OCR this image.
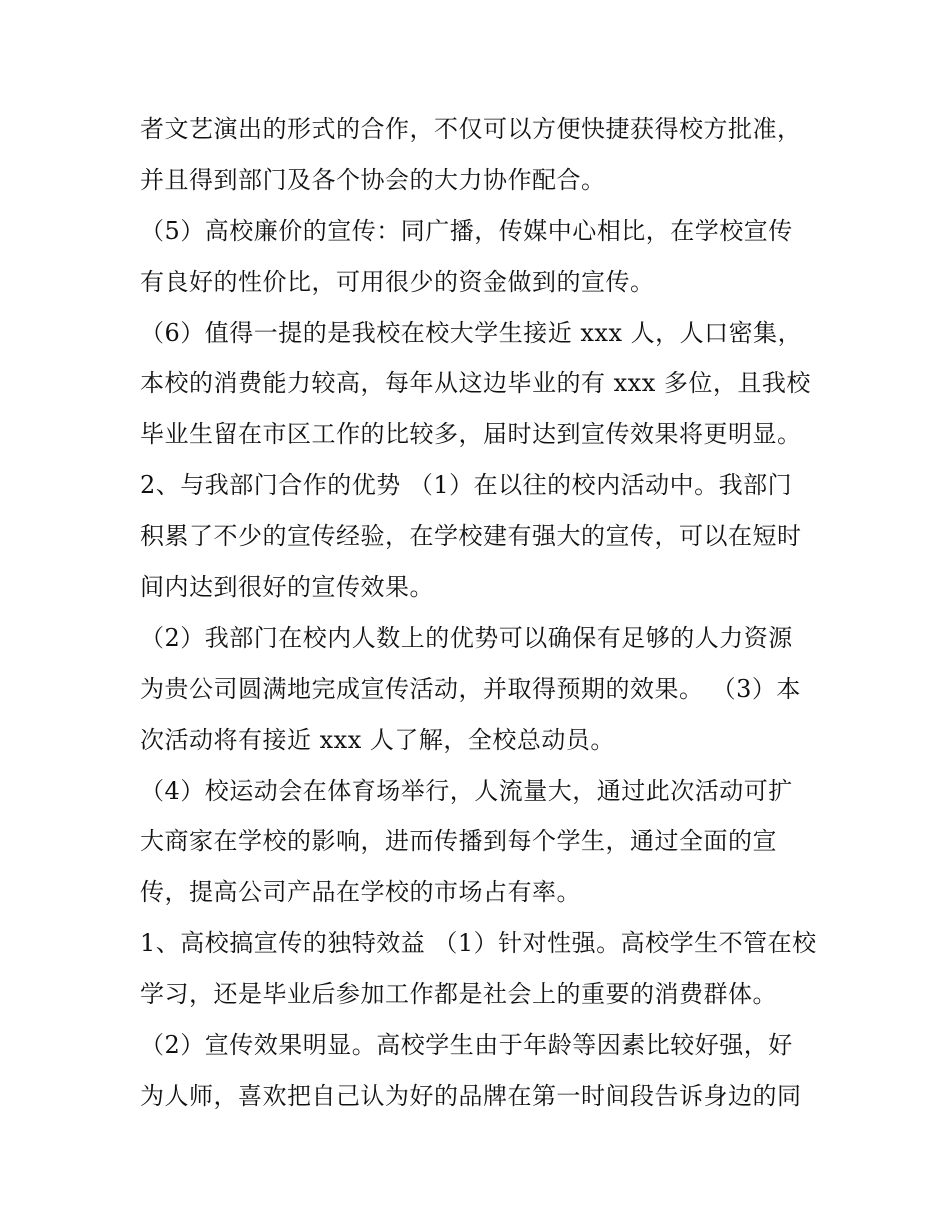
者文艺演出的形式的合作，不仅可以方便快捷获得校方批准，
并且得到部门及各个协会的大力协作配合。
（5）高校廉价的宣传：同广播，传媒中心相比，在学校宣传
有良好的性价比，可用很少的资金做到的宣传。
（6）值得一提的是我校在校大学生接近 xxx 人，人口密集，
本校的消费能力较高，每年从这边毕业的有 xxx 多位，且我校
毕业生留在市区工作的比较多，届时达到宣传效果将更明显。
2、与我部门合作的优势 （1）在以往的校内活动中。我部门
积累了不少的宣传经验，在学校建有强大的宣传，可以在短时
间内达到很好的宣传效果。
（2）我部门在校内人数上的优势可以确保有足够的人力资源
为贵公司圆满地完成宣传活动，并取得预期的效果。 （3）本
次活动将有接近 xxx 人了解，全校总动员。
（4）校运动会在体育场举行，人流量大，通过此次活动可扩
大商家在学校的影响，进而传播到每个学生，通过全面的宣
传，提高公司产品在学校的市场占有率。
1、高校搞宣传的独特效益 （1）针对性强。高校学生不管在校
学习，还是毕业后参加工作都是社会上的重要的消费群体。
（2）宣传效果明显。高校学生由于年龄等因素比较好强，好
为人师，喜欢把自己认为好的品牌在第一时间段告诉身边的同
